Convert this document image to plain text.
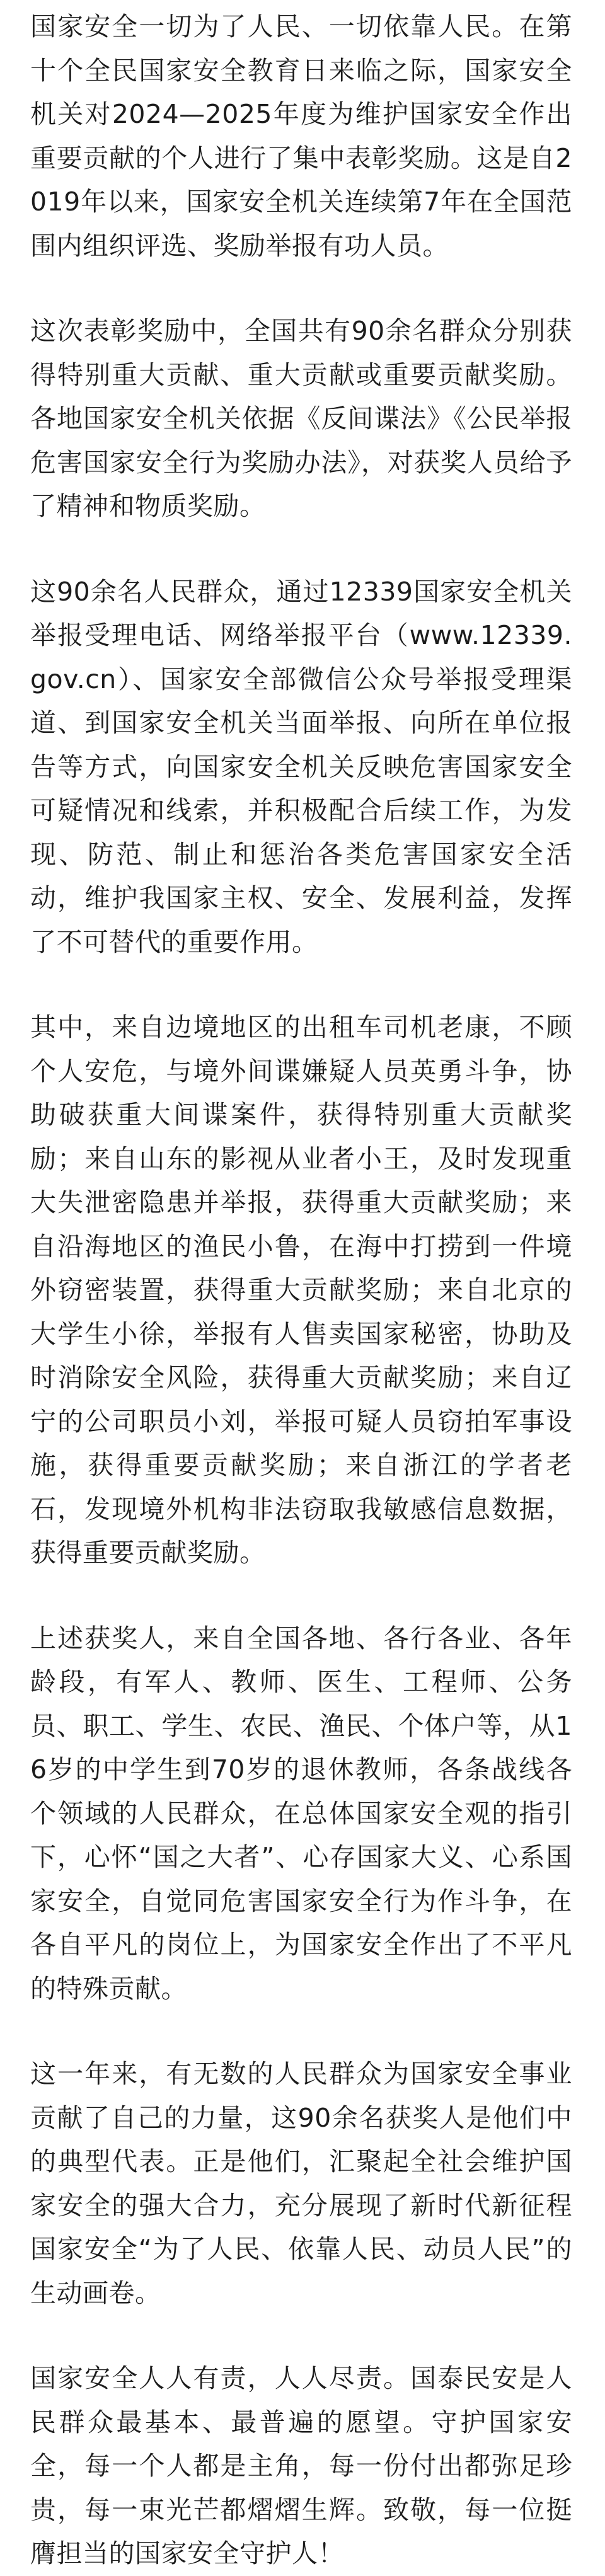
国家安全一切为了人民、一切依靠人民。在第十个全民国家安全教育日来临之际，国家安全机关对2024—2025年度为维护国家安全作出重要贡献的个人进行了集中表彰奖励。这是自2019年以来，国家安全机关连续第7年在全国范围内组织评选、奖励举报有功人员。

这次表彰奖励中，全国共有90余名群众分别获得特别重大贡献、重大贡献或重要贡献奖励。各地国家安全机关依据《反间谍法》《公民举报危害国家安全行为奖励办法》，对获奖人员给予了精神和物质奖励。

这90余名人民群众，通过12339国家安全机关举报受理电话、网络举报平台（www.12339.gov.cn）、国家安全部微信公众号举报受理渠道、到国家安全机关当面举报、向所在单位报告等方式，向国家安全机关反映危害国家安全可疑情况和线索，并积极配合后续工作，为发现、防范、制止和惩治各类危害国家安全活动，维护我国家主权、安全、发展利益，发挥了不可替代的重要作用。

其中，来自边境地区的出租车司机老康，不顾个人安危，与境外间谍嫌疑人员英勇斗争，协助破获重大间谍案件，获得特别重大贡献奖励；来自山东的影视从业者小王，及时发现重大失泄密隐患并举报，获得重大贡献奖励；来自沿海地区的渔民小鲁，在海中打捞到一件境外窃密装置，获得重大贡献奖励；来自北京的大学生小徐，举报有人售卖国家秘密，协助及时消除安全风险，获得重大贡献奖励；来自辽宁的公司职员小刘，举报可疑人员窃拍军事设施，获得重要贡献奖励；来自浙江的学者老石，发现境外机构非法窃取我敏感信息数据，获得重要贡献奖励。

上述获奖人，来自全国各地、各行各业、各年龄段，有军人、教师、医生、工程师、公务员、职工、学生、农民、渔民、个体户等，从16岁的中学生到70岁的退休教师，各条战线各个领域的人民群众，在总体国家安全观的指引下，心怀“国之大者”、心存国家大义、心系国家安全，自觉同危害国家安全行为作斗争，在各自平凡的岗位上，为国家安全作出了不平凡的特殊贡献。

这一年来，有无数的人民群众为国家安全事业贡献了自己的力量，这90余名获奖人是他们中的典型代表。正是他们，汇聚起全社会维护国家安全的强大合力，充分展现了新时代新征程国家安全“为了人民、依靠人民、动员人民”的生动画卷。

国家安全人人有责，人人尽责。国泰民安是人民群众最基本、最普遍的愿望。守护国家安全，每一个人都是主角，每一份付出都弥足珍贵，每一束光芒都熠熠生辉。致敬，每一位挺膺担当的国家安全守护人！
